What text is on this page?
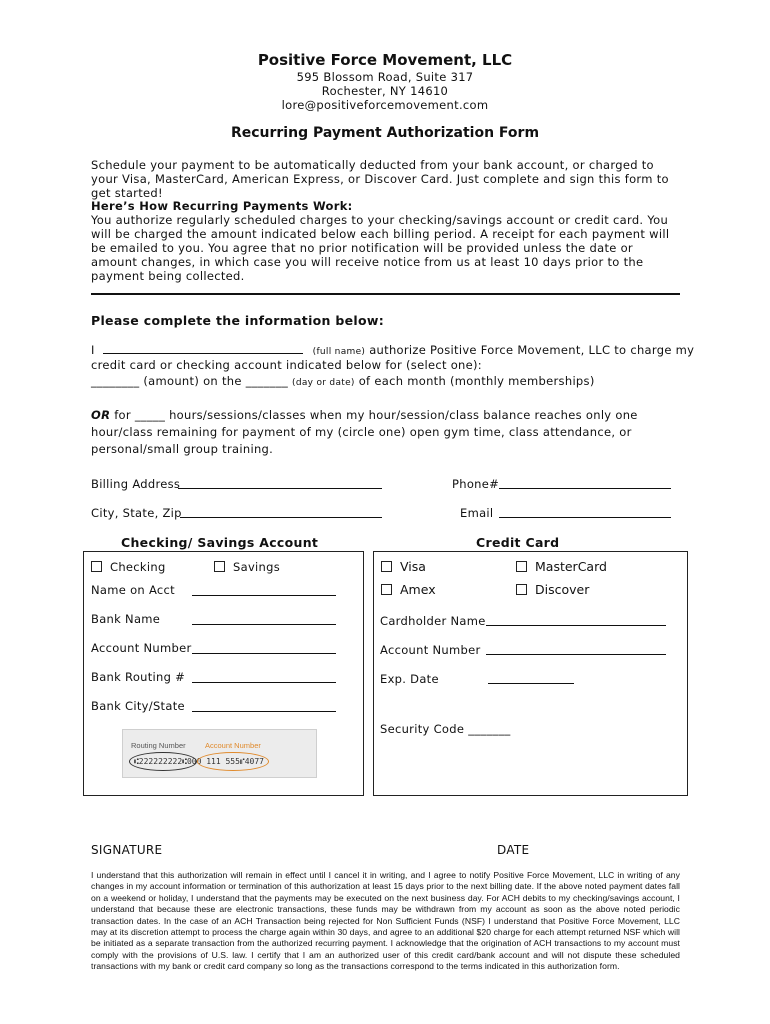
Positive Force Movement, LLC
595 Blossom Road, Suite 317
Rochester, NY 14610
lore@positiveforcemovement.com
Recurring Payment Authorization Form
Schedule your payment to be automatically deducted from your bank account, or charged to your Visa, MasterCard, American Express, or Discover Card. Just complete and sign this form to get started!
Here’s How Recurring Payments Work:
You authorize regularly scheduled charges to your checking/savings account or credit card. You will be charged the amount indicated below each billing period. A receipt for each payment will be emailed to you. You agree that no prior notification will be provided unless the date or amount changes, in which case you will receive notice from us at least 10 days prior to the payment being collected.
Please complete the information below:
I	(full name) authorize Positive Force Movement, LLC to charge my
credit card or checking account indicated below for (select one):
________ (amount) on the _______ (day or date) of each month (monthly memberships)
OR for _____ hours/sessions/classes when my hour/session/class balance reaches only one hour/class remaining for payment of my (circle one) open gym time, class attendance, or personal/small group training.
Billing Address	Phone#
City, State, Zip	Email
Checking/ Savings Account	Credit Card
Checking	Savings
Name on Acct
Bank Name
Account Number
Bank Routing #
Bank City/State
Routing Number	Account Number
⑆222222222⑆000 111 555⑈4077
Visa	MasterCard
Amex	Discover
Cardholder Name
Account Number
Exp. Date
Security Code _______
SIGNATURE	DATE
I understand that this authorization will remain in effect until I cancel it in writing, and I agree to notify Positive Force Movement, LLC in writing of any changes in my account information or termination of this authorization at least 15 days prior to the next billing date. If the above noted payment dates fall on a weekend or holiday, I understand that the payments may be executed on the next business day. For ACH debits to my checking/savings account, I understand that because these are electronic transactions, these funds may be withdrawn from my account as soon as the above noted periodic transaction dates. In the case of an ACH Transaction being rejected for Non Sufficient Funds (NSF) I understand that Positive Force Movement, LLC may at its discretion attempt to process the charge again within 30 days, and agree to an additional $20 charge for each attempt returned NSF which will be initiated as a separate transaction from the authorized recurring payment. I acknowledge that the origination of ACH transactions to my account must comply with the provisions of U.S. law. I certify that I am an authorized user of this credit card/bank account and will not dispute these scheduled transactions with my bank or credit card company so long as the transactions correspond to the terms indicated in this authorization form.
